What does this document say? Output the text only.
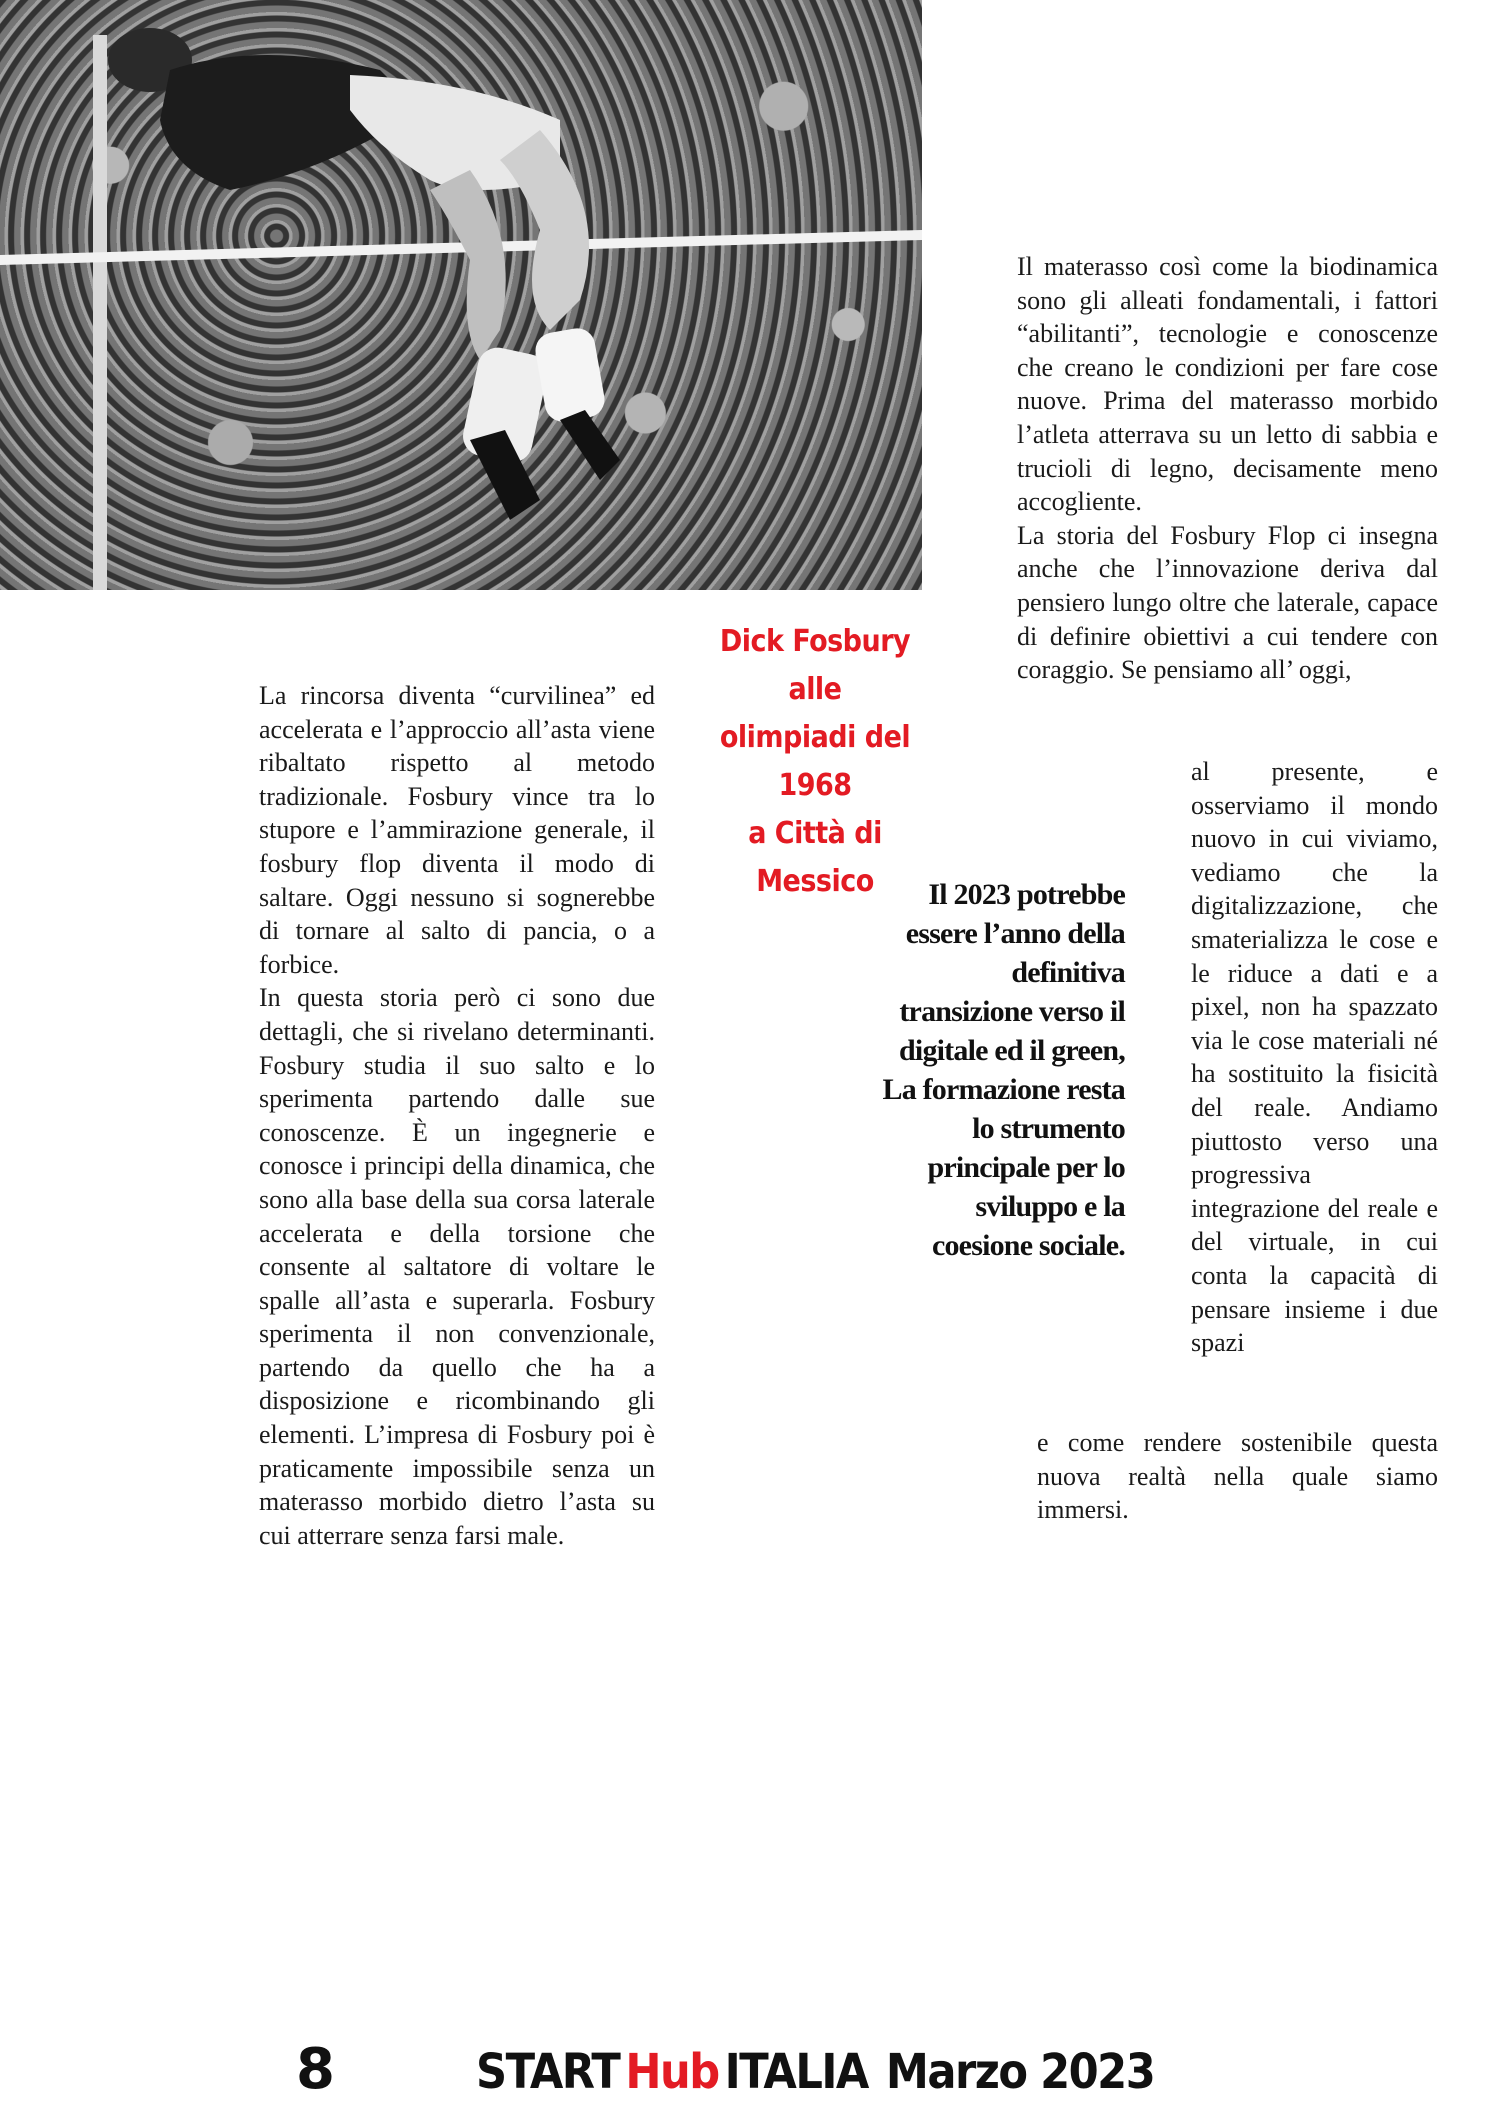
Dick Fosbury alle
olimpiadi del 1968
a Città di Messico

La rincorsa diventa “curvilinea” ed accelerata e l’approccio all’asta viene ribaltato rispetto al metodo tradizionale. Fosbury vince tra lo stupore e l’ammirazione generale, il fosbury flop diventa il modo di saltare. Oggi nessuno si sognerebbe di tornare al salto di pancia, o a forbice.

In questa storia però ci sono due dettagli, che si rivelano determinanti. Fosbury studia il suo salto e lo sperimenta partendo dalle sue conoscenze. È un ingegnerie e conosce i principi della dinamica, che sono alla base della sua corsa laterale accelerata e della torsione che consente al saltatore di voltare le spalle all’asta e superarla. Fosbury sperimenta il non convenzionale, partendo da quello che ha a disposizione e ricombinando gli elementi. L’impresa di Fosbury poi è praticamente impossibile senza un materasso morbido dietro l’asta su cui atterrare senza farsi male.

Il materasso così come la biodinamica sono gli alleati fondamentali, i fattori “abilitanti”, tecnologie e conoscenze che creano le condizioni per fare cose nuove. Prima del materasso morbido l’atleta atterrava su un letto di sabbia e trucioli di legno, decisamente meno accogliente.

La storia del Fosbury Flop ci insegna anche che l’innovazione deriva dal pensiero lungo oltre che laterale, capace di definire obiettivi a cui tendere con coraggio. Se pensiamo all’ oggi,

al presente, e osserviamo il mondo nuovo in cui viviamo, vediamo che la digitalizzazione, che smaterializza le cose e le riduce a dati e a pixel, non ha spazzato via le cose materiali né ha sostituito la fisicità del reale. Andiamo piuttosto verso una progressiva integrazione del reale e del virtuale, in cui conta la capacità di pensare insieme i due spazi

e come rendere sostenibile questa nuova realtà nella quale siamo immersi.

Il 2023 potrebbe
essere l’anno della
definitiva
transizione verso il
digitale ed il green,
La formazione resta
lo strumento
principale per lo
sviluppo e la
coesione sociale.
8	START Hub ITALIA Marzo 2023
